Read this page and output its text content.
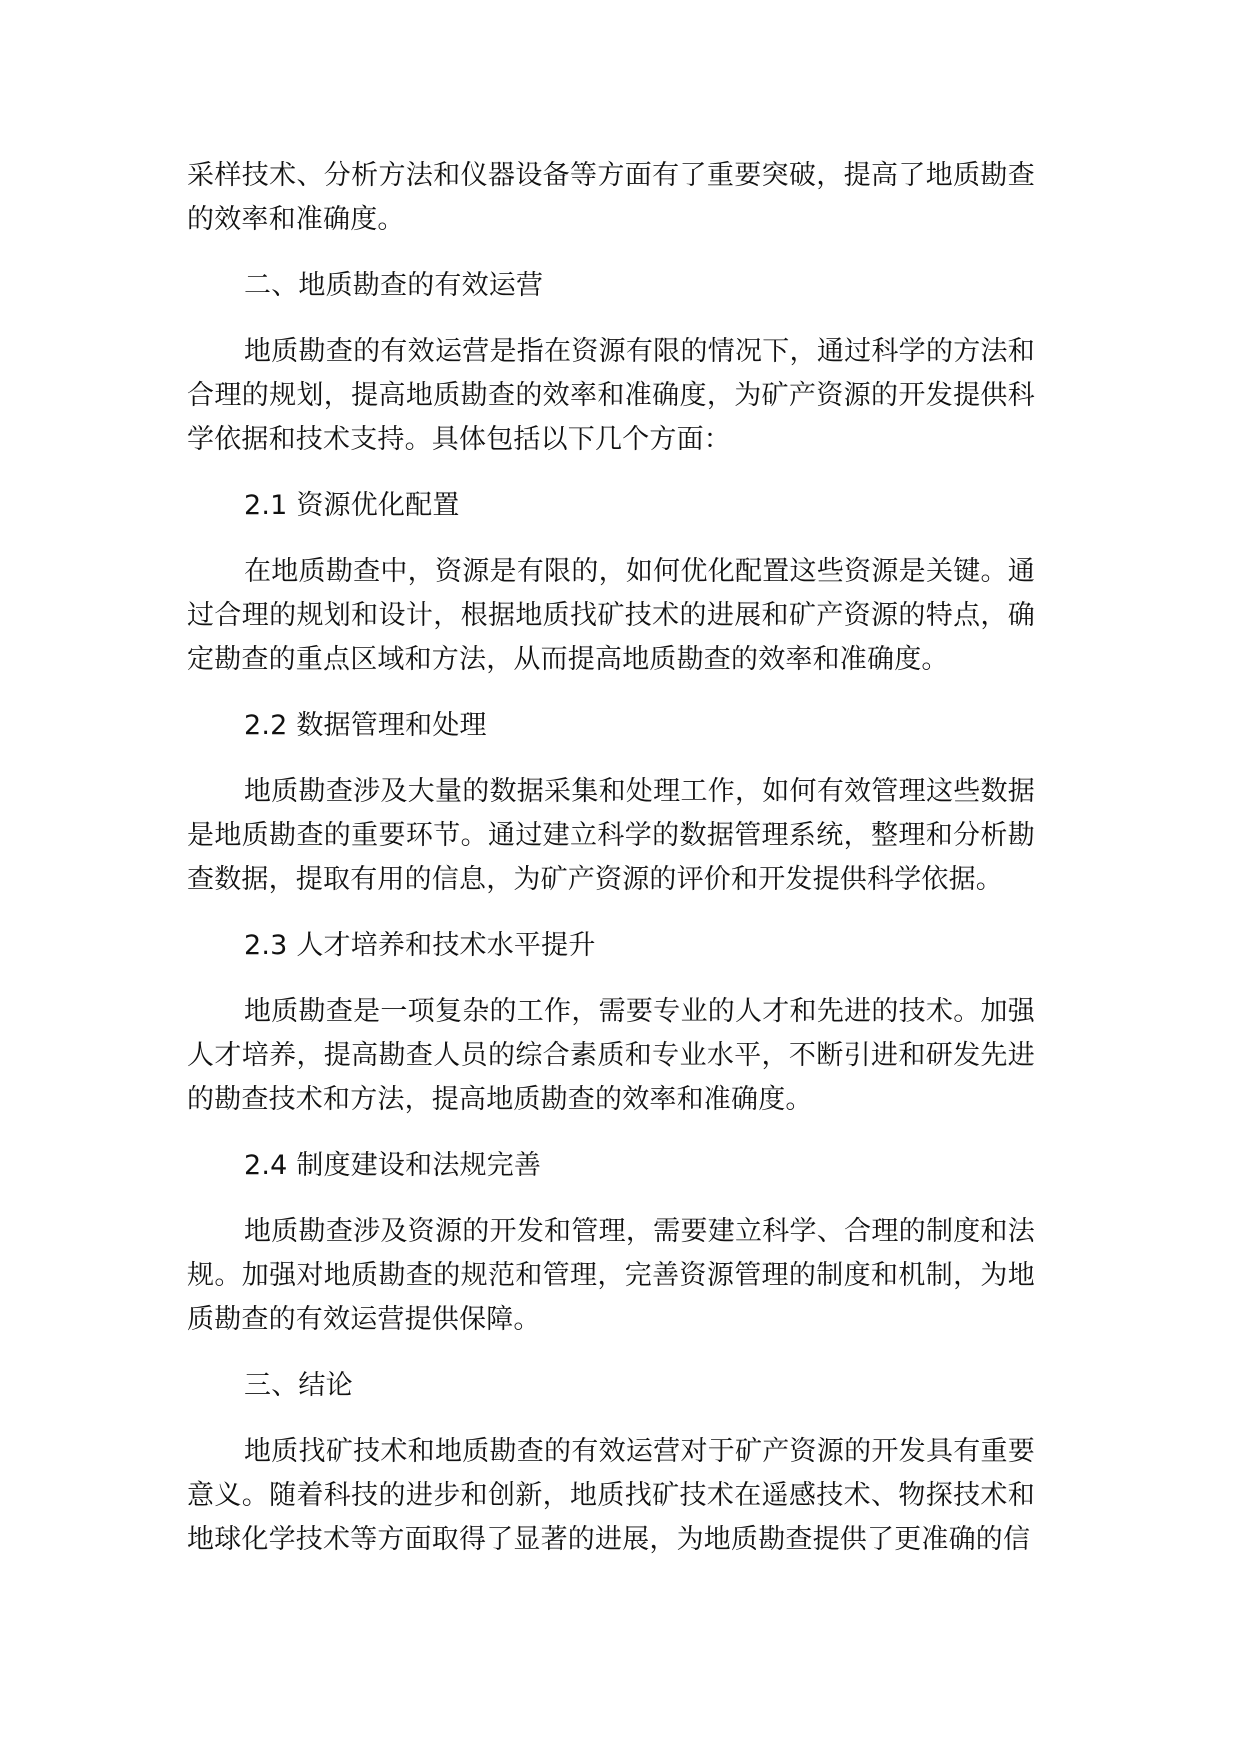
采样技术、分析方法和仪器设备等方面有了重要突破，提高了地质勘查的效率和准确度。

二、地质勘查的有效运营

地质勘查的有效运营是指在资源有限的情况下，通过科学的方法和合理的规划，提高地质勘查的效率和准确度，为矿产资源的开发提供科学依据和技术支持。具体包括以下几个方面：

2.1 资源优化配置

在地质勘查中，资源是有限的，如何优化配置这些资源是关键。通过合理的规划和设计，根据地质找矿技术的进展和矿产资源的特点，确定勘查的重点区域和方法，从而提高地质勘查的效率和准确度。

2.2 数据管理和处理

地质勘查涉及大量的数据采集和处理工作，如何有效管理这些数据是地质勘查的重要环节。通过建立科学的数据管理系统，整理和分析勘查数据，提取有用的信息，为矿产资源的评价和开发提供科学依据。

2.3 人才培养和技术水平提升

地质勘查是一项复杂的工作，需要专业的人才和先进的技术。加强人才培养，提高勘查人员的综合素质和专业水平，不断引进和研发先进的勘查技术和方法，提高地质勘查的效率和准确度。

2.4 制度建设和法规完善

地质勘查涉及资源的开发和管理，需要建立科学、合理的制度和法规。加强对地质勘查的规范和管理，完善资源管理的制度和机制，为地质勘查的有效运营提供保障。

三、结论

地质找矿技术和地质勘查的有效运营对于矿产资源的开发具有重要意义。随着科技的进步和创新，地质找矿技术在遥感技术、物探技术和地球化学技术等方面取得了显著的进展，为地质勘查提供了更准确的信
